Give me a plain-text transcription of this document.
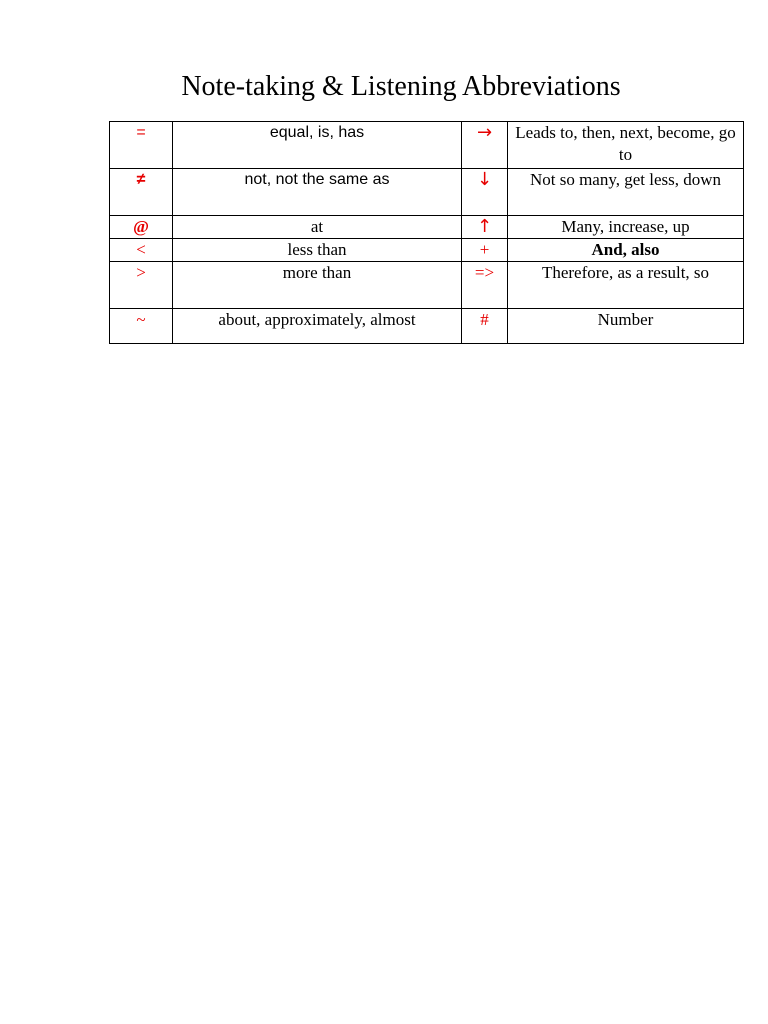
Note-taking & Listening Abbreviations
=	equal, is, has	→	Leads to, then, next, become, go to
≠	not, not the same as	↓	Not so many, get less, down
@	at	↑	Many, increase, up
<	less than	+	And, also
>	more than	=>	Therefore, as a result, so
~	about, approximately, almost	#	Number
